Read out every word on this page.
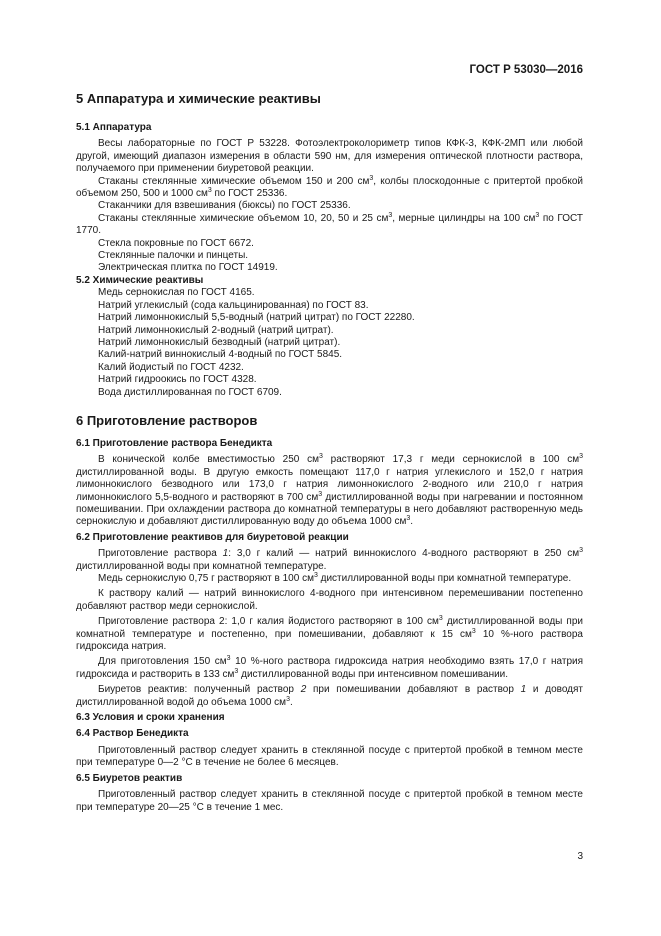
ГОСТ Р 53030—2016
5 Аппаратура и химические реактивы
5.1 Аппаратура

Весы лабораторные по ГОСТ Р 53228. Фотоэлектроколориметр типов КФК-3, КФК-2МП или любой другой, имеющий диапазон измерения в области 590 нм, для измерения оптической плотности раствора, получаемого при применении биуретовой реакции.

Стаканы стеклянные химические объемом 150 и 200 $см^3$, колбы плоскодонные с притертой пробкой объемом 250, 500 и 1000 $см^3$ по ГОСТ 25336.

Стаканчики для взвешивания (бюксы) по ГОСТ 25336.

Стаканы стеклянные химические объемом 10, 20, 50 и 25 $см^3$, мерные цилиндры на 100 $см^3$ по ГОСТ 1770.

Стекла покровные по ГОСТ 6672.

Стеклянные палочки и пинцеты.

Электрическая плитка по ГОСТ 14919.

5.2 Химические реактивы

Медь сернокислая по ГОСТ 4165.

Натрий углекислый (сода кальцинированная) по ГОСТ 83.

Натрий лимоннокислый 5,5-водный (натрий цитрат) по ГОСТ 22280.

Натрий лимоннокислый 2-водный (натрий цитрат).

Натрий лимоннокислый безводный (натрий цитрат).

Калий-натрий виннокислый 4-водный по ГОСТ 5845.

Калий йодистый по ГОСТ 4232.

Натрий гидроокись по ГОСТ 4328.

Вода дистиллированная по ГОСТ 6709.

6 Приготовление растворов
6.1 Приготовление раствора Бенедикта

В конической колбе вместимостью 250 $см^3$ растворяют 17,3 г меди сернокислой в 100 $см^3$ дистиллированной воды. В другую емкость помещают 117,0 г натрия углекислого и 152,0 г натрия лимоннокислого безводного или 173,0 г натрия лимоннокислого 2-водного или 210,0 г натрия лимоннокислого 5,5-водного и растворяют в 700 $см^3$ дистиллированной воды при нагревании и постоянном помешивании. При охлаждении раствора до комнатной температуры в него добавляют растворенную медь сернокислую и добавляют дистиллированную воду до объема 1000 $см^3$.

6.2 Приготовление реактивов для биуретовой реакции

Приготовление раствора 1: 3,0 г калий — натрий виннокислого 4-водного растворяют в 250 $см^3$ дистиллированной воды при комнатной температуре.

Медь сернокислую 0,75 г растворяют в 100 $см^3$ дистиллированной воды при комнатной температуре.

К раствору калий — натрий виннокислого 4-водного при интенсивном перемешивании постепенно добавляют раствор меди сернокислой.

Приготовление раствора 2: 1,0 г калия йодистого растворяют в 100 $см^3$ дистиллированной воды при комнатной температуре и постепенно, при помешивании, добавляют к 15 $см^3$ 10 %-ного раствора гидроксида натрия.

Для приготовления 150 $см^3$ 10 %-ного раствора гидроксида натрия необходимо взять 17,0 г натрия гидроксида и растворить в 133 $см^3$ дистиллированной воды при интенсивном помешивании.

Биуретов реактив: полученный раствор 2 при помешивании добавляют в раствор 1 и доводят дистиллированной водой до объема 1000 $см^3$.

6.3 Условия и сроки хранения
6.4 Раствор Бенедикта

Приготовленный раствор следует хранить в стеклянной посуде с притертой пробкой в темном месте при температуре 0—2 °С в течение не более 6 месяцев.

6.5 Биуретов реактив

Приготовленный раствор следует хранить в стеклянной посуде с притертой пробкой в темном месте при температуре 20—25 °С в течение 1 мес.

3
